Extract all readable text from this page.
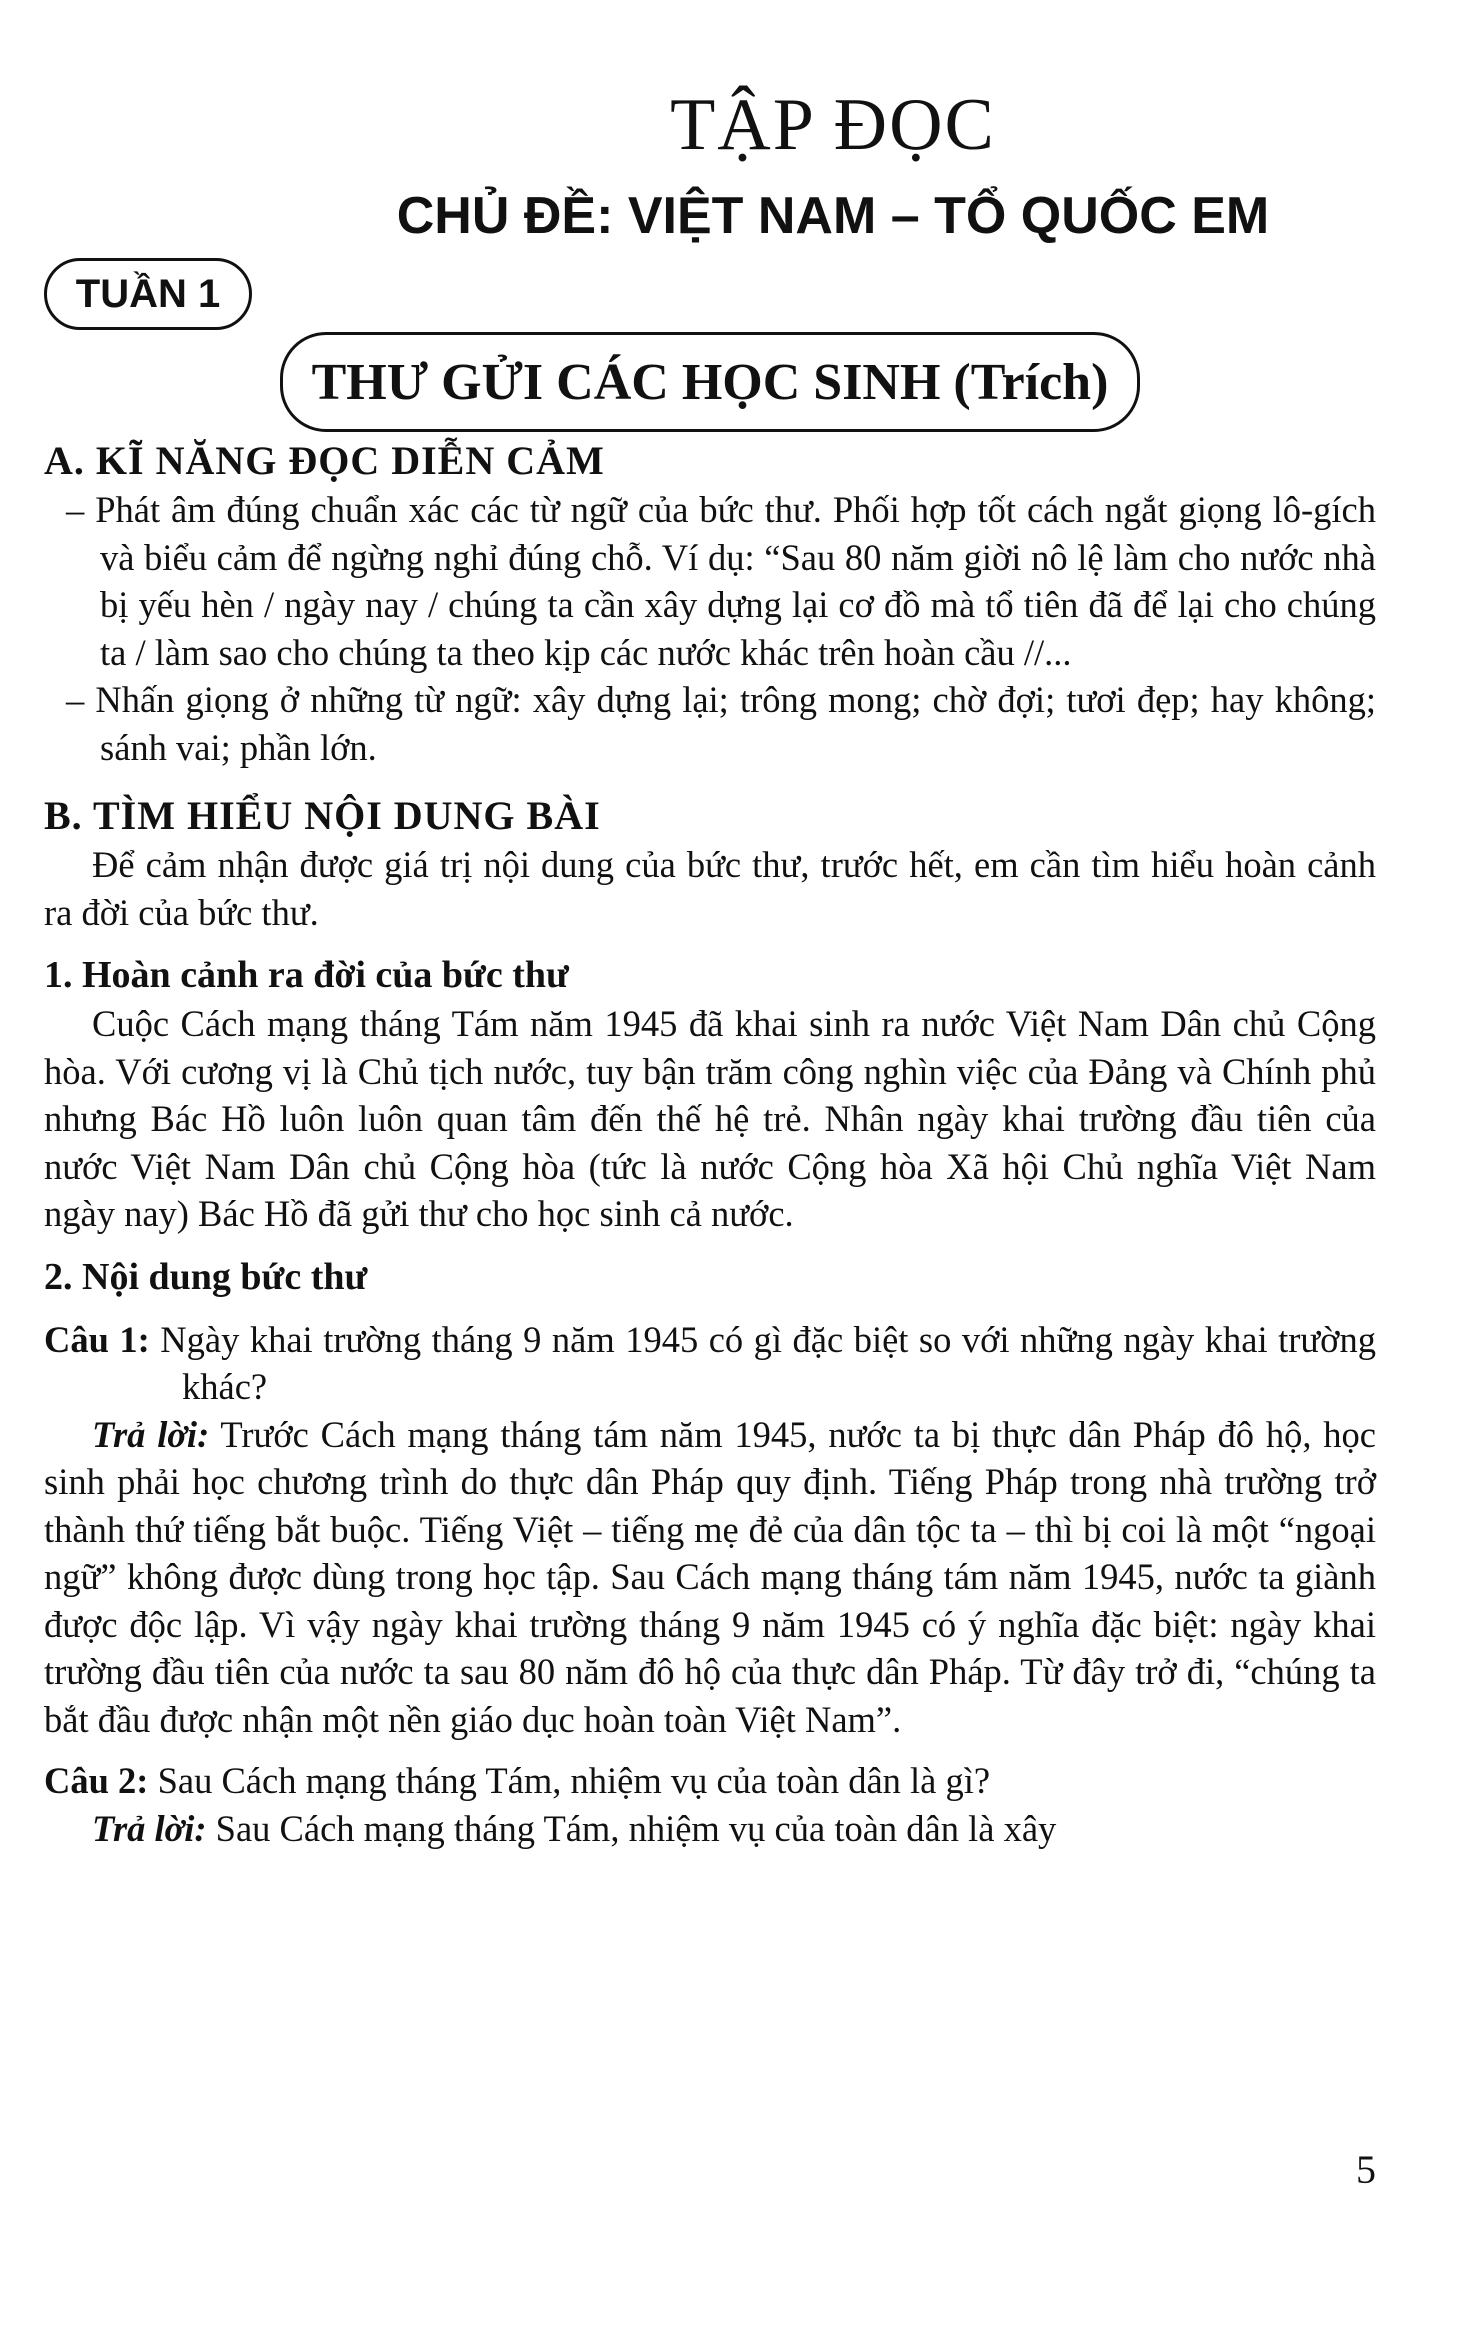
TẬP ĐỌC
CHỦ ĐỀ: VIỆT NAM – TỔ QUỐC EM
TUẦN 1
THƯ GỬI CÁC HỌC SINH (Trích)

A. KĨ NĂNG ĐỌC DIỄN CẢM

– Phát âm đúng chuẩn xác các từ ngữ của bức thư. Phối hợp tốt cách ngắt giọng lô-gích và biểu cảm để ngừng nghỉ đúng chỗ. Ví dụ: “Sau 80 năm giời nô lệ làm cho nước nhà bị yếu hèn / ngày nay / chúng ta cần xây dựng lại cơ đồ mà tổ tiên đã để lại cho chúng ta / làm sao cho chúng ta theo kịp các nước khác trên hoàn cầu //...

– Nhấn giọng ở những từ ngữ: xây dựng lại; trông mong; chờ đợi; tươi đẹp; hay không; sánh vai; phần lớn.

B. TÌM HIỂU NỘI DUNG BÀI

Để cảm nhận được giá trị nội dung của bức thư, trước hết, em cần tìm hiểu hoàn cảnh ra đời của bức thư.

1. Hoàn cảnh ra đời của bức thư

Cuộc Cách mạng tháng Tám năm 1945 đã khai sinh ra nước Việt Nam Dân chủ Cộng hòa. Với cương vị là Chủ tịch nước, tuy bận trăm công nghìn việc của Đảng và Chính phủ nhưng Bác Hồ luôn luôn quan tâm đến thế hệ trẻ. Nhân ngày khai trường đầu tiên của nước Việt Nam Dân chủ Cộng hòa (tức là nước Cộng hòa Xã hội Chủ nghĩa Việt Nam ngày nay) Bác Hồ đã gửi thư cho học sinh cả nước.

2. Nội dung bức thư

Câu 1: Ngày khai trường tháng 9 năm 1945 có gì đặc biệt so với những ngày khai trường khác?

Trả lời: Trước Cách mạng tháng tám năm 1945, nước ta bị thực dân Pháp đô hộ, học sinh phải học chương trình do thực dân Pháp quy định. Tiếng Pháp trong nhà trường trở thành thứ tiếng bắt buộc. Tiếng Việt – tiếng mẹ đẻ của dân tộc ta – thì bị coi là một “ngoại ngữ” không được dùng trong học tập. Sau Cách mạng tháng tám năm 1945, nước ta giành được độc lập. Vì vậy ngày khai trường tháng 9 năm 1945 có ý nghĩa đặc biệt: ngày khai trường đầu tiên của nước ta sau 80 năm đô hộ của thực dân Pháp. Từ đây trở đi, “chúng ta bắt đầu được nhận một nền giáo dục hoàn toàn Việt Nam”.

Câu 2: Sau Cách mạng tháng Tám, nhiệm vụ của toàn dân là gì?

Trả lời: Sau Cách mạng tháng Tám, nhiệm vụ của toàn dân là xây

5
